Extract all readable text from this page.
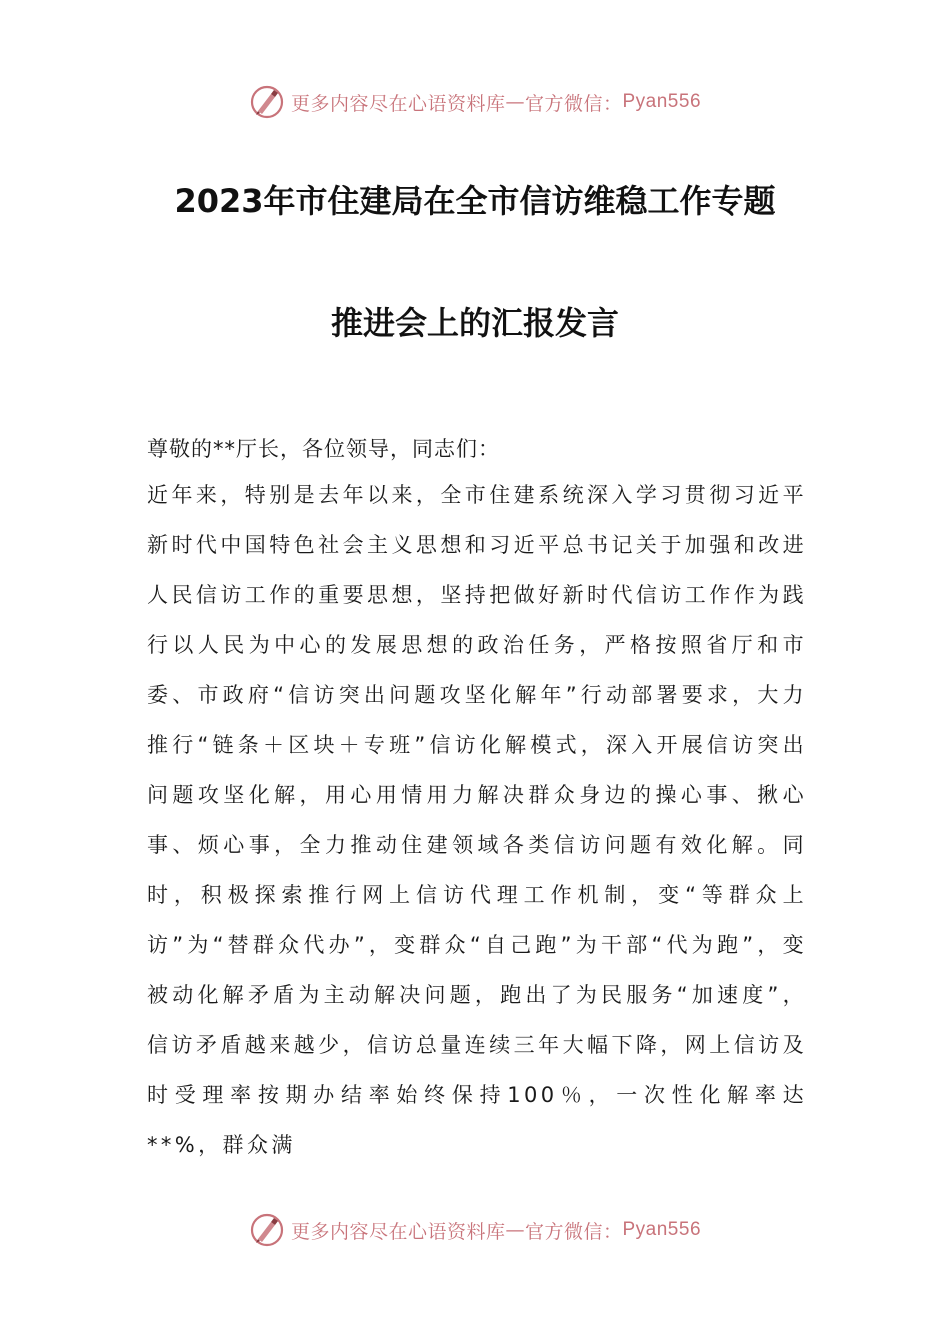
更多内容尽在心语资料库 — 官方微信： Pyan556
2023年市住建局在全市信访维稳工作专题
推进会上的汇报发言
尊敬的**厅长，各位领导，同志们：
近年来，特别是去年以来，全市住建系统深入学习贯彻习近平新时代中国特色社会主义思想和习近平总书记关于加强和改进人民信访工作的重要思想，坚持把做好新时代信访工作作为践行以人民为中心的发展思想的政治任务，严格按照省厅和市委、市政府“信访突出问题攻坚化解年”行动部署要求，大力推行“链条＋区块＋专班”信访化解模式，深入开展信访突出问题攻坚化解，用心用情用力解决群众身边的操心事、揪心事、烦心事，全力推动住建领域各类信访问题有效化解。同时，积极探索推行网上信访代理工作机制，变“等群众上访”为“替群众代办”，变群众“自己跑”为干部“代为跑”，变被动化解矛盾为主动解决问题，跑出了为民服务“加速度”，信访矛盾越来越少，信访总量连续三年大幅下降，网上信访及时受理率按期办结率始终保持100％，一次性化解率达**%，群众满
更多内容尽在心语资料库 — 官方微信： Pyan556
